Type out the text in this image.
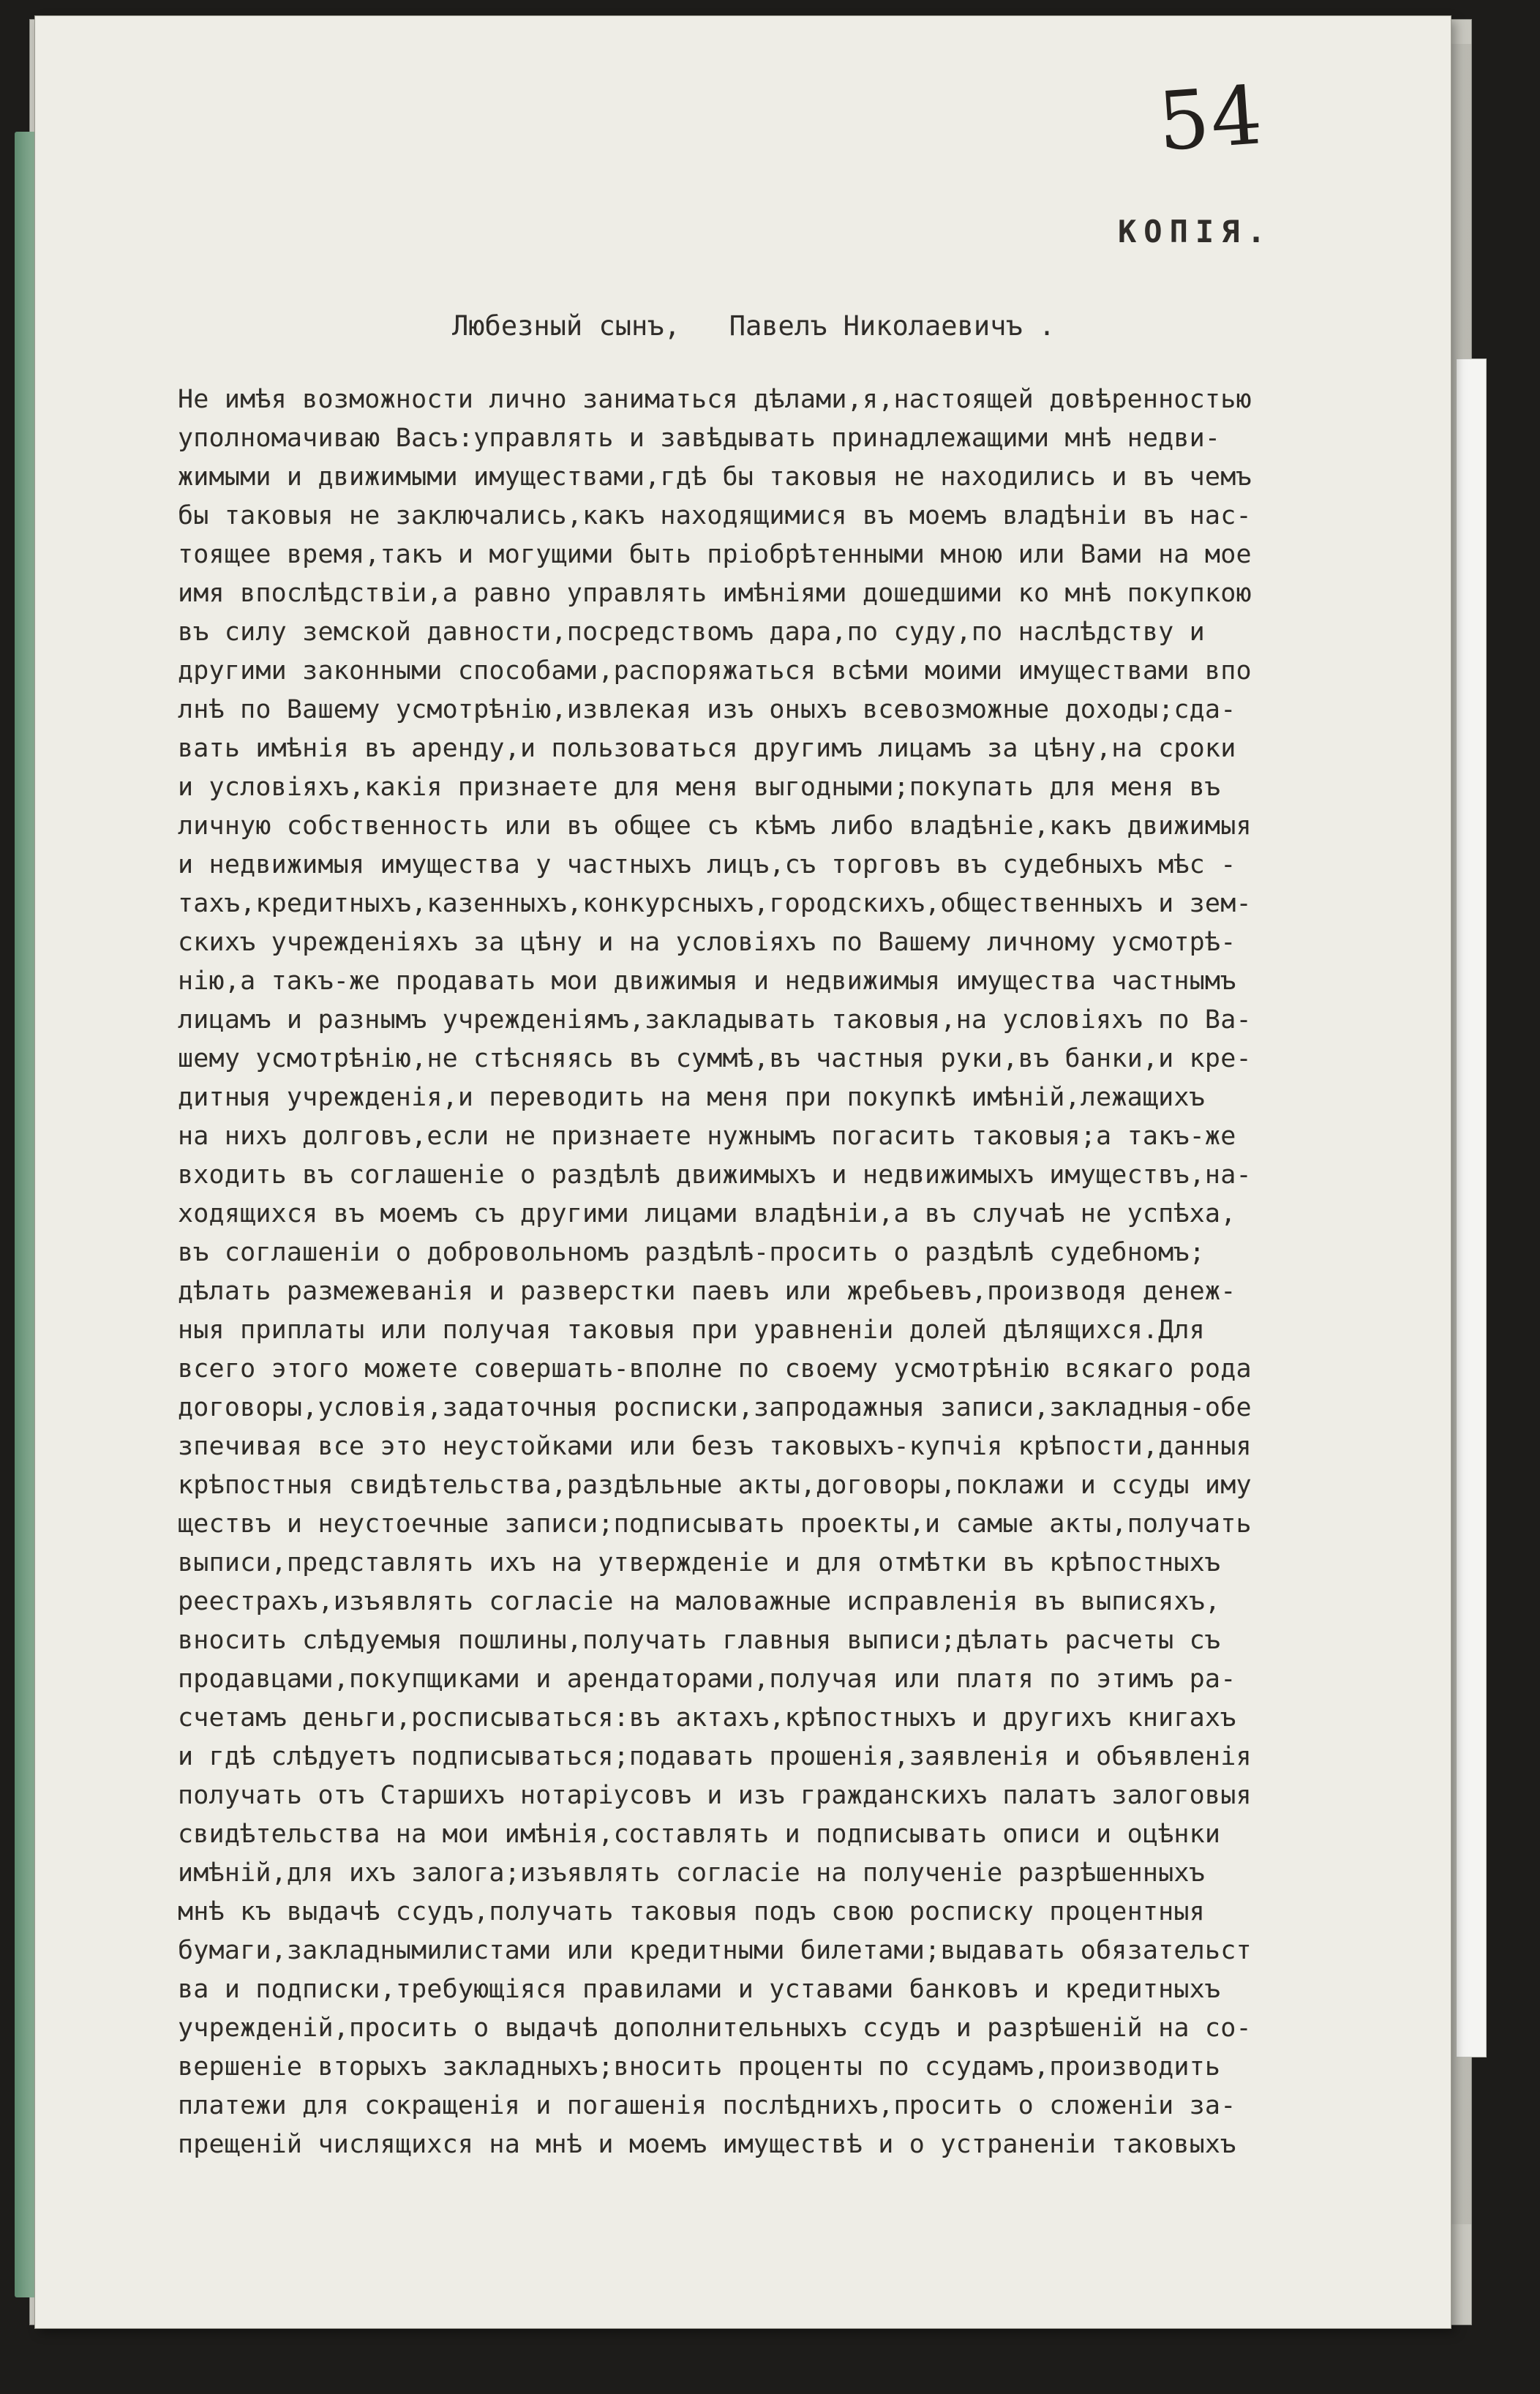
54
КОПІЯ.
Любезный сынъ,   Павелъ Николаевичъ .
Не имѣя возможности лично заниматься дѣлами,я,настоящей довѣренностью
уполномачиваю Васъ:управлять и завѣдывать принадлежащими мнѣ недви-
жимыми и движимыми имуществами,гдѣ бы таковыя не находились и въ чемъ
бы таковыя не заключались,какъ находящимися въ моемъ владѣніи въ нас-
тоящее время,такъ и могущими быть пріобрѣтенными мною или Вами на мое
имя впослѣдствіи,а равно управлять имѣніями дошедшими ко мнѣ покупкою
въ силу земской давности,посредствомъ дара,по суду,по наслѣдству и
другими законными способами,распоряжаться всѣми моими имуществами впо
лнѣ по Вашему усмотрѣнію,извлекая изъ оныхъ всевозможные доходы;сда-
вать имѣнія въ аренду,и пользоваться другимъ лицамъ за цѣну,на сроки
и условіяхъ,какія признаете для меня выгодными;покупать для меня въ
личную собственность или въ общее съ кѣмъ либо владѣніе,какъ движимыя
и недвижимыя имущества у частныхъ лицъ,съ торговъ въ судебныхъ мѣс -
тахъ,кредитныхъ,казенныхъ,конкурсныхъ,городскихъ,общественныхъ и зем-
скихъ учрежденіяхъ за цѣну и на условіяхъ по Вашему личному усмотрѣ-
нію,а такъ-же продавать мои движимыя и недвижимыя имущества частнымъ
лицамъ и разнымъ учрежденіямъ,закладывать таковыя,на условіяхъ по Ва-
шему усмотрѣнію,не стѣсняясь въ суммѣ,въ частныя руки,въ банки,и кре-
дитныя учрежденія,и переводить на меня при покупкѣ имѣній,лежащихъ
на нихъ долговъ,если не признаете нужнымъ погасить таковыя;а такъ-же
входить въ соглашеніе о раздѣлѣ движимыхъ и недвижимыхъ имуществъ,на-
ходящихся въ моемъ съ другими лицами владѣніи,а въ случаѣ не успѣха,
въ соглашеніи о добровольномъ раздѣлѣ-просить о раздѣлѣ судебномъ;
дѣлать размежеванія и разверстки паевъ или жребьевъ,производя денеж-
ныя приплаты или получая таковыя при уравненіи долей дѣлящихся.Для
всего этого можете совершать-вполне по своему усмотрѣнію всякаго рода
договоры,условія,задаточныя росписки,запродажныя записи,закладныя-обе
зпечивая все это неустойками или безъ таковыхъ-купчія крѣпости,данныя
крѣпостныя свидѣтельства,раздѣльные акты,договоры,поклажи и ссуды иму
ществъ и неустоечные записи;подписывать проекты,и самые акты,получать
выписи,представлять ихъ на утвержденіе и для отмѣтки въ крѣпостныхъ
реестрахъ,изъявлять согласіе на маловажные исправленія въ выписяхъ,
вносить слѣдуемыя пошлины,получать главныя выписи;дѣлать расчеты съ
продавцами,покупщиками и арендаторами,получая или платя по этимъ ра-
счетамъ деньги,росписываться:въ актахъ,крѣпостныхъ и другихъ книгахъ
и гдѣ слѣдуетъ подписываться;подавать прошенія,заявленія и объявленія
получать отъ Старшихъ нотаріусовъ и изъ гражданскихъ палатъ залоговыя
свидѣтельства на мои имѣнія,составлять и подписывать описи и оцѣнки
имѣній,для ихъ залога;изъявлять согласіе на полученіе разрѣшенныхъ
мнѣ къ выдачѣ ссудъ,получать таковыя подъ свою росписку процентныя
бумаги,закладнымилистами или кредитными билетами;выдавать обязательст
ва и подписки,требующіяся правилами и уставами банковъ и кредитныхъ
учрежденій,просить о выдачѣ дополнительныхъ ссудъ и разрѣшеній на со-
вершеніе вторыхъ закладныхъ;вносить проценты по ссудамъ,производить
платежи для сокращенія и погашенія послѣднихъ,просить о сложеніи за-
прещеній числящихся на мнѣ и моемъ имуществѣ и о устраненіи таковыхъ
